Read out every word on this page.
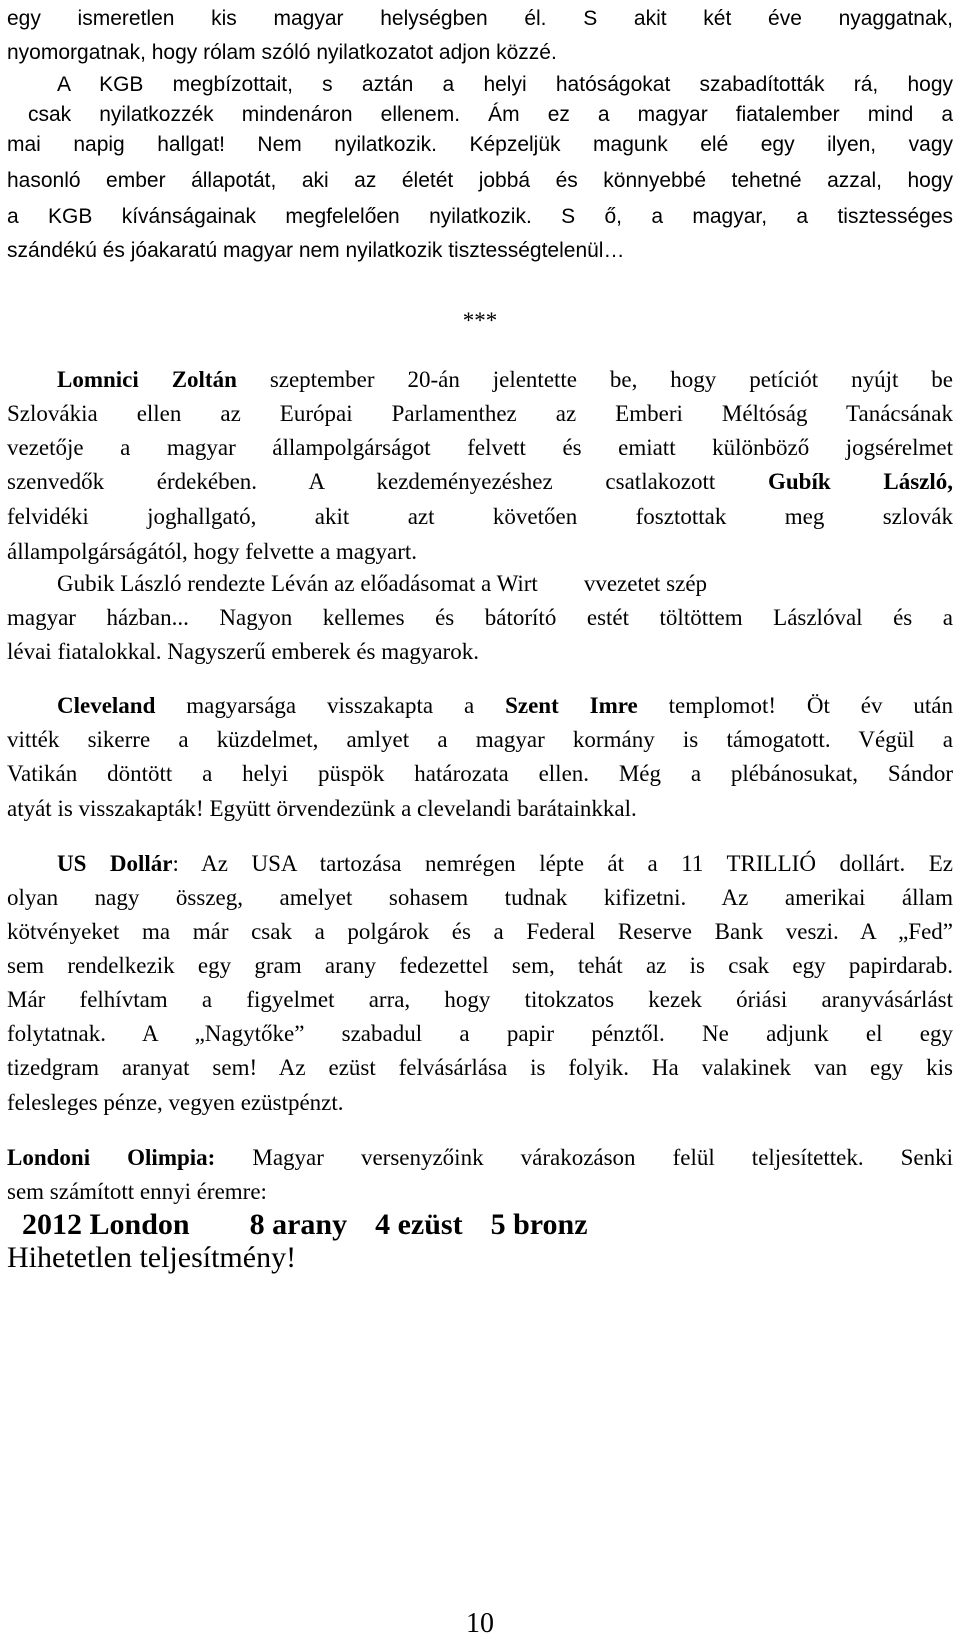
egy ismeretlen kis magyar helységben él. S akit két éve nyaggatnak,
nyomorgatnak, hogy rólam szóló nyilatkozatot adjon közzé.
A KGB megbízottait, s aztán a helyi hatóságokat szabadították rá, hogy
csak nyilatkozzék mindenáron ellenem. Ám ez a magyar fiatalember mind a
mai napig hallgat! Nem nyilatkozik. Képzeljük magunk elé egy ilyen, vagy
hasonló ember állapotát, aki az életét jobbá és könnyebbé tehetné azzal, hogy
a KGB kívánságainak megfelelően nyilatkozik. S ő, a magyar, a tisztességes
szándékú és jóakaratú magyar nem nyilatkozik tisztességtelenül…
***
Lomnici Zoltán szeptember 20-án jelentette be, hogy petíciót nyújt be
Szlovákia ellen az Európai Parlamenthez az Emberi Méltóság Tanácsának
vezetője a magyar állampolgárságot felvett és emiatt különböző jogsérelmet
szenvedők érdekében. A kezdeményezéshez csatlakozott Gubík László,
felvidéki joghallgató, akit azt követően fosztottak meg szlovák
állampolgárságától, hogy felvette a magyart.
Gubik László rendezte Léván az előadásomat a Wirt vvezetet szép
magyar házban... Nagyon kellemes és bátorító estét töltöttem Lászlóval és a
lévai fiatalokkal. Nagyszerű emberek és magyarok.
Cleveland magyarsága visszakapta a Szent Imre templomot! Öt év után
vitték sikerre a küzdelmet, amlyet a magyar kormány is támogatott. Végül a
Vatikán döntött a helyi püspök határozata ellen. Még a plébánosukat, Sándor
atyát is visszakapták! Együtt örvendezünk a clevelandi barátainkkal.
US Dollár: Az USA tartozása nemrégen lépte át a 11 TRILLIÓ dollárt. Ez
olyan nagy összeg, amelyet sohasem tudnak kifizetni. Az amerikai állam
kötvényeket ma már csak a polgárok és a Federal Reserve Bank veszi. A „Fed”
sem rendelkezik egy gram arany fedezettel sem, tehát az is csak egy papirdarab.
Már felhívtam a figyelmet arra, hogy titokzatos kezek óriási aranyvásárlást
folytatnak. A „Nagytőke” szabadul a papir pénztől. Ne adjunk el egy
tizedgram aranyat sem! Az ezüst felvásárlása is folyik. Ha valakinek van egy kis
felesleges pénze, vegyen ezüstpénzt.
Londoni Olimpia: Magyar versenyzőink várakozáson felül teljesítettek. Senki
sem számított ennyi éremre:
2012 London 8 arany 4 ezüst 5 bronz
Hihetetlen teljesítmény!
10
